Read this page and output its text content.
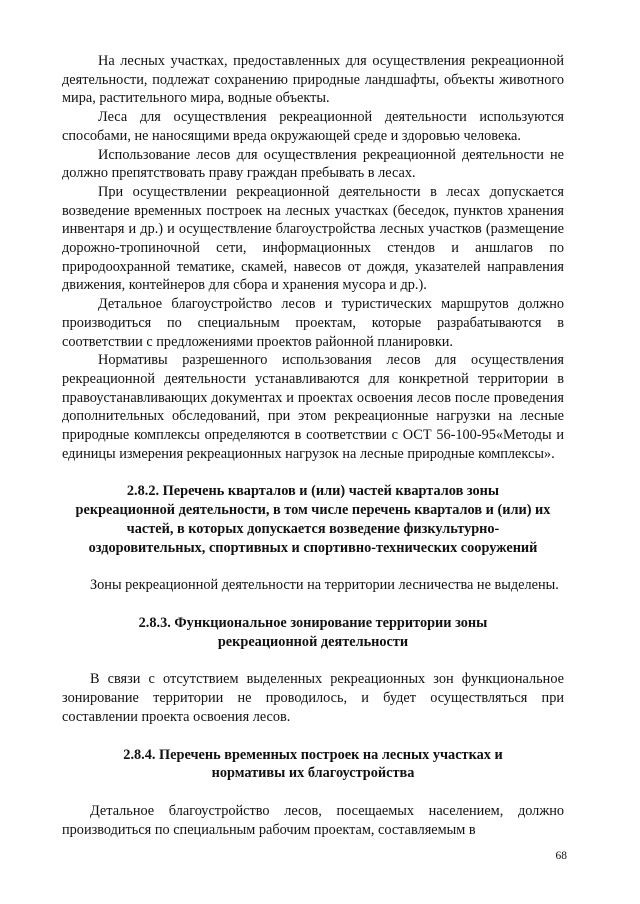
На лесных участках, предоставленных для осуществления рекреационной деятельности, подлежат сохранению природные ландшафты, объекты животного мира, растительного мира, водные объекты.

Леса для осуществления рекреационной деятельности используются способами, не наносящими вреда окружающей среде и здоровью человека.

Использование лесов для осуществления рекреационной деятельности не должно препятствовать праву граждан пребывать в лесах.

При осуществлении рекреационной деятельности в лесах допускается возведение временных построек на лесных участках (беседок, пунктов хранения инвентаря и др.) и осуществление благоустройства лесных участков (размещение дорожно-тропиночной сети, информационных стендов и аншлагов по природоохранной тематике, скамей, навесов от дождя, указателей направления движения, контейнеров для сбора и хранения мусора и др.).

Детальное благоустройство лесов и туристических маршрутов должно производиться по специальным проектам, которые разрабатываются в соответствии с предложениями проектов районной планировки.

Нормативы разрешенного использования лесов для осуществления рекреационной деятельности устанавливаются для конкретной территории в правоустанавливающих документах и проектах освоения лесов после проведения дополнительных обследований, при этом рекреационные нагрузки на лесные природные комплексы определяются в соответствии с ОСТ 56-100-95«Методы и единицы измерения рекреационных нагрузок на лесные природные комплексы».

2.8.2. Перечень кварталов и (или) частей кварталов зоны
рекреационной деятельности, в том числе перечень кварталов и (или) их
частей, в которых допускается возведение физкультурно-
оздоровительных, спортивных и спортивно-технических сооружений

Зоны рекреационной деятельности на территории лесничества не выделены.

2.8.3. Функциональное зонирование территории зоны
рекреационной деятельности

В связи с отсутствием выделенных рекреационных зон функциональное зонирование территории не проводилось, и будет осуществляться при составлении проекта освоения лесов.

2.8.4. Перечень временных построек на лесных участках и
нормативы их благоустройства

Детальное благоустройство лесов, посещаемых населением, должно производиться по специальным рабочим проектам, составляемым в

68
